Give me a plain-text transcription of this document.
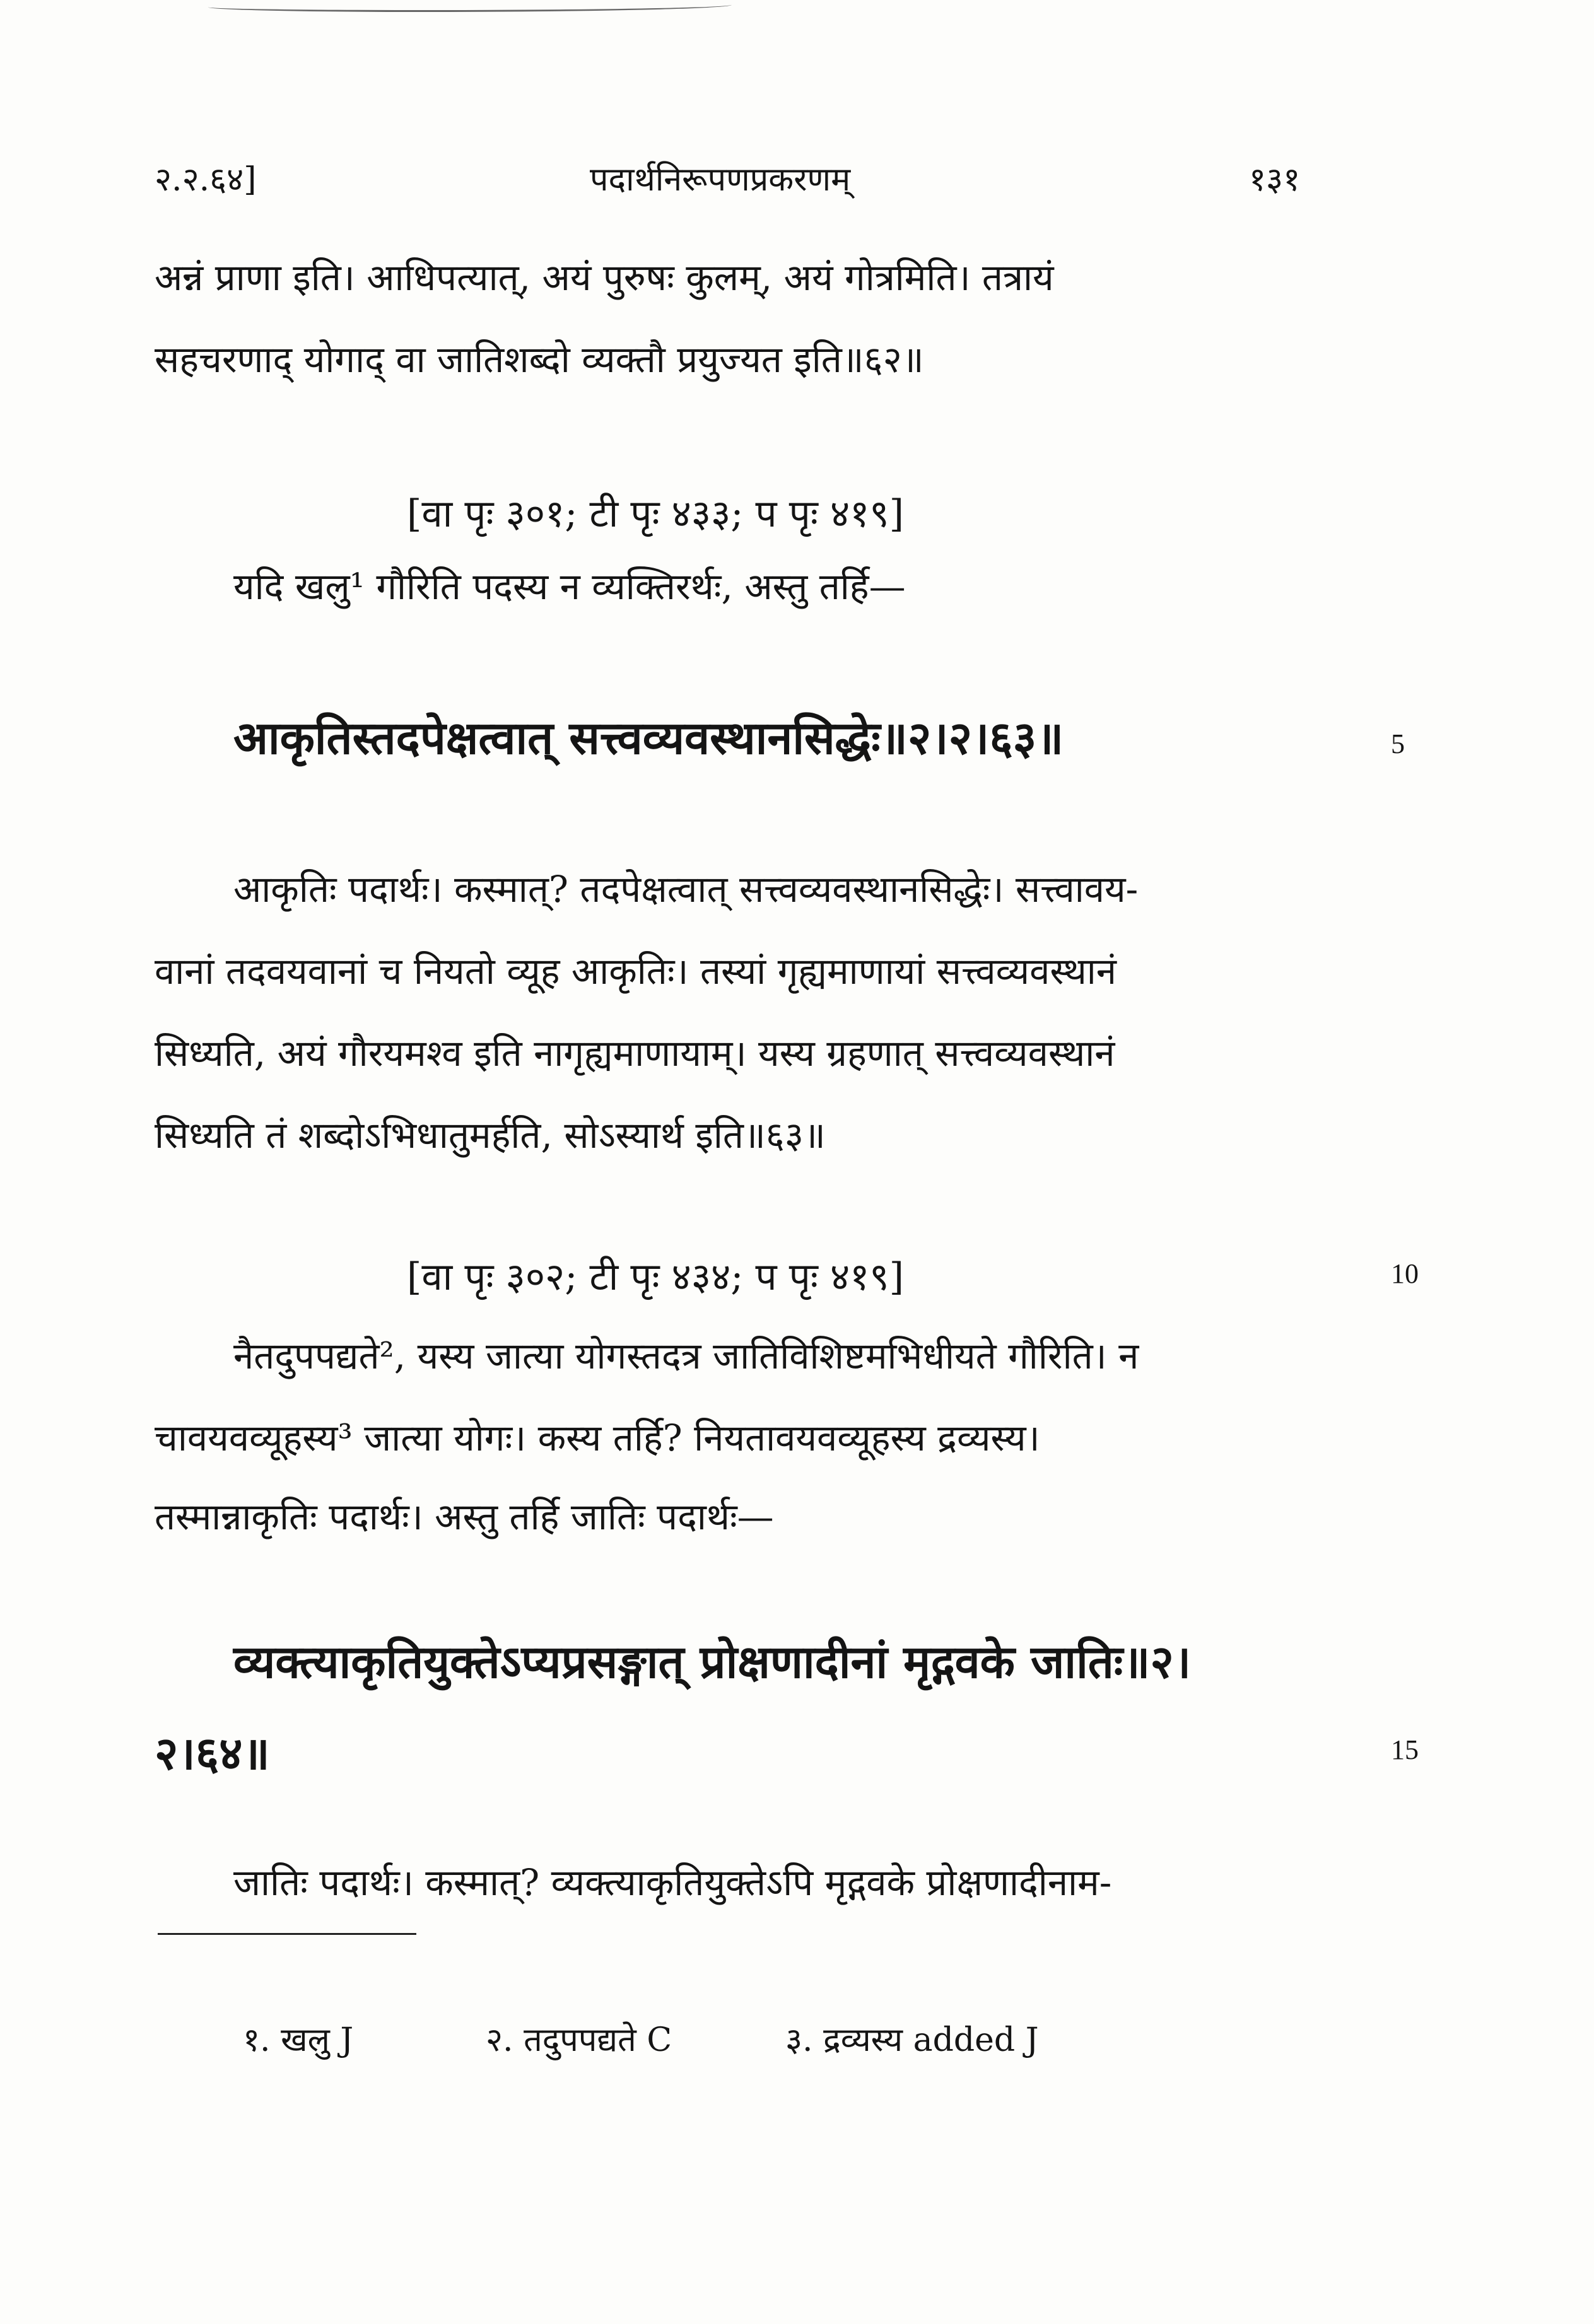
२.२.६४]	पदार्थनिरूपणप्रकरणम्	१३१
अन्नं प्राणा इति। आधिपत्यात्, अयं पुरुषः कुलम्, अयं गोत्रमिति। तत्रायं
सहचरणाद् योगाद् वा जातिशब्दो व्यक्तौ प्रयुज्यत इति॥६२॥
[वा पृः ३०१; टी पृः ४३३; प पृः ४१९]
यदि खलु¹ गौरिति पदस्य न व्यक्तिरर्थः, अस्तु तर्हि—
आकृतिस्तदपेक्षत्वात् सत्त्वव्यवस्थानसिद्धेः॥२।२।६३॥	5
आकृतिः पदार्थः। कस्मात्? तदपेक्षत्वात् सत्त्वव्यवस्थानसिद्धेः। सत्त्वावय-
वानां तदवयवानां च नियतो व्यूह आकृतिः। तस्यां गृह्यमाणायां सत्त्वव्यवस्थानं
सिध्यति, अयं गौरयमश्व इति नागृह्यमाणायाम्। यस्य ग्रहणात् सत्त्वव्यवस्थानं
सिध्यति तं शब्दोऽभिधातुमर्हति, सोऽस्यार्थ इति॥६३॥
[वा पृः ३०२; टी पृः ४३४; प पृः ४१९]	10
नैतदुपपद्यते², यस्य जात्या योगस्तदत्र जातिविशिष्टमभिधीयते गौरिति। न
चावयवव्यूहस्य³ जात्या योगः। कस्य तर्हि? नियतावयवव्यूहस्य द्रव्यस्य।
तस्मान्नाकृतिः पदार्थः। अस्तु तर्हि जातिः पदार्थः—
व्यक्त्याकृतियुक्तेऽप्यप्रसङ्गात् प्रोक्षणादीनां मृद्गवके जातिः॥२।
२।६४॥	15
जातिः पदार्थः। कस्मात्? व्यक्त्याकृतियुक्तेऽपि मृद्गवके प्रोक्षणादीनाम-
१. खलु J	२. तदुपपद्यते C	३. द्रव्यस्य added J
